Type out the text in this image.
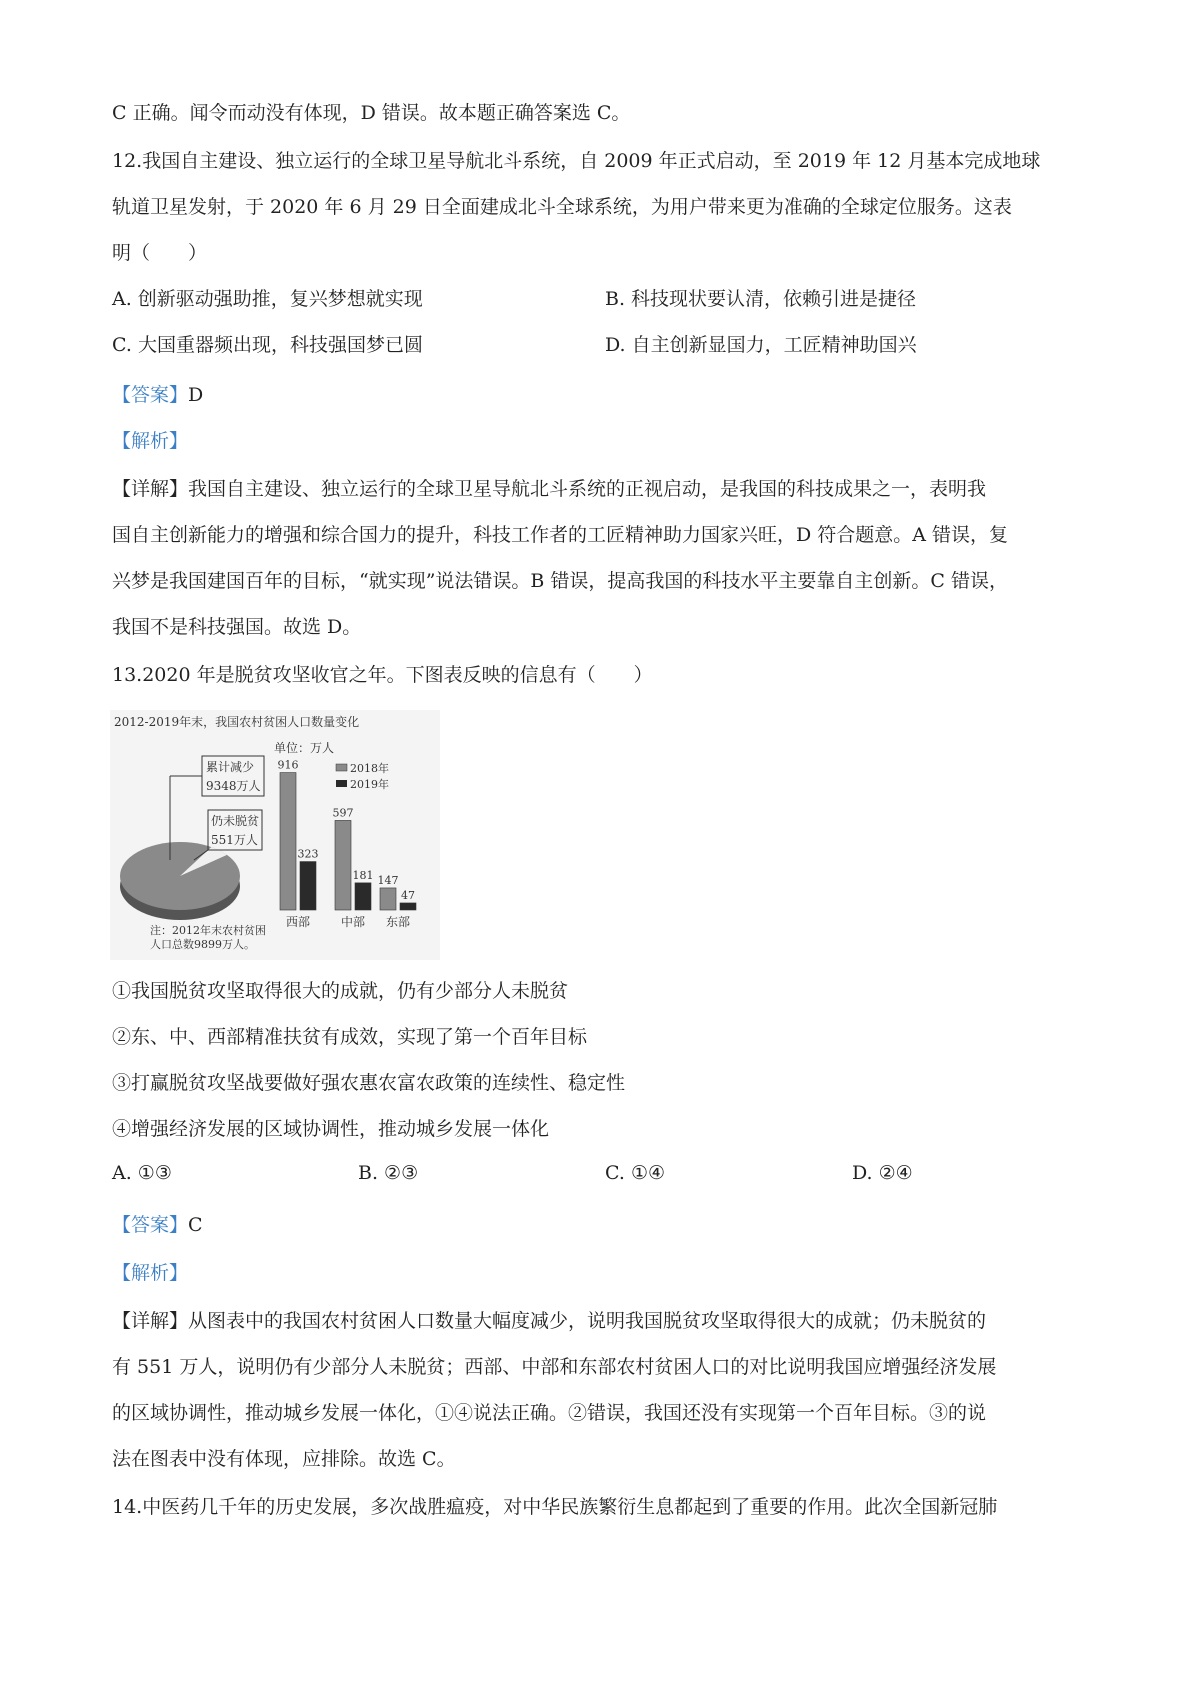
C 正确。闻令而动没有体现，D 错误。故本题正确答案选 C。
12.我国自主建设、独立运行的全球卫星导航北斗系统，自 2009 年正式启动，至 2019 年 12 月基本完成地球
轨道卫星发射，于 2020 年 6 月 29 日全面建成北斗全球系统，为用户带来更为准确的全球定位服务。这表
明（　　）
A. 创新驱动强助推，复兴梦想就实现	B. 科技现状要认清，依赖引进是捷径
C. 大国重器频出现，科技强国梦已圆	D. 自主创新显国力，工匠精神助国兴
【答案】D
【解析】
【详解】我国自主建设、独立运行的全球卫星导航北斗系统的正视启动，是我国的科技成果之一，表明我
国自主创新能力的增强和综合国力的提升，科技工作者的工匠精神助力国家兴旺，D 符合题意。A 错误，复
兴梦是我国建国百年的目标，“就实现”说法错误。B 错误，提高我国的科技水平主要靠自主创新。C 错误，
我国不是科技强国。故选 D。
13.2020 年是脱贫攻坚收官之年。下图表反映的信息有（　　）
2012-2019年末，我国农村贫困人口数量变化
累计减少
9348万人
仍未脱贫
551万人
单位：万人
2018年
2019年
916
323
西部
597
181
中部
147
47
东部
注：2012年末农村贫困
人口总数9899万人。
①我国脱贫攻坚取得很大的成就，仍有少部分人未脱贫
②东、中、西部精准扶贫有成效，实现了第一个百年目标
③打赢脱贫攻坚战要做好强农惠农富农政策的连续性、稳定性
④增强经济发展的区域协调性，推动城乡发展一体化
A. ①③	B. ②③	C. ①④	D. ②④
【答案】C
【解析】
【详解】从图表中的我国农村贫困人口数量大幅度减少，说明我国脱贫攻坚取得很大的成就；仍未脱贫的
有 551 万人，说明仍有少部分人未脱贫；西部、中部和东部农村贫困人口的对比说明我国应增强经济发展
的区域协调性，推动城乡发展一体化，①④说法正确。②错误，我国还没有实现第一个百年目标。③的说
法在图表中没有体现，应排除。故选 C。
14.中医药几千年的历史发展，多次战胜瘟疫，对中华民族繁衍生息都起到了重要的作用。此次全国新冠肺
